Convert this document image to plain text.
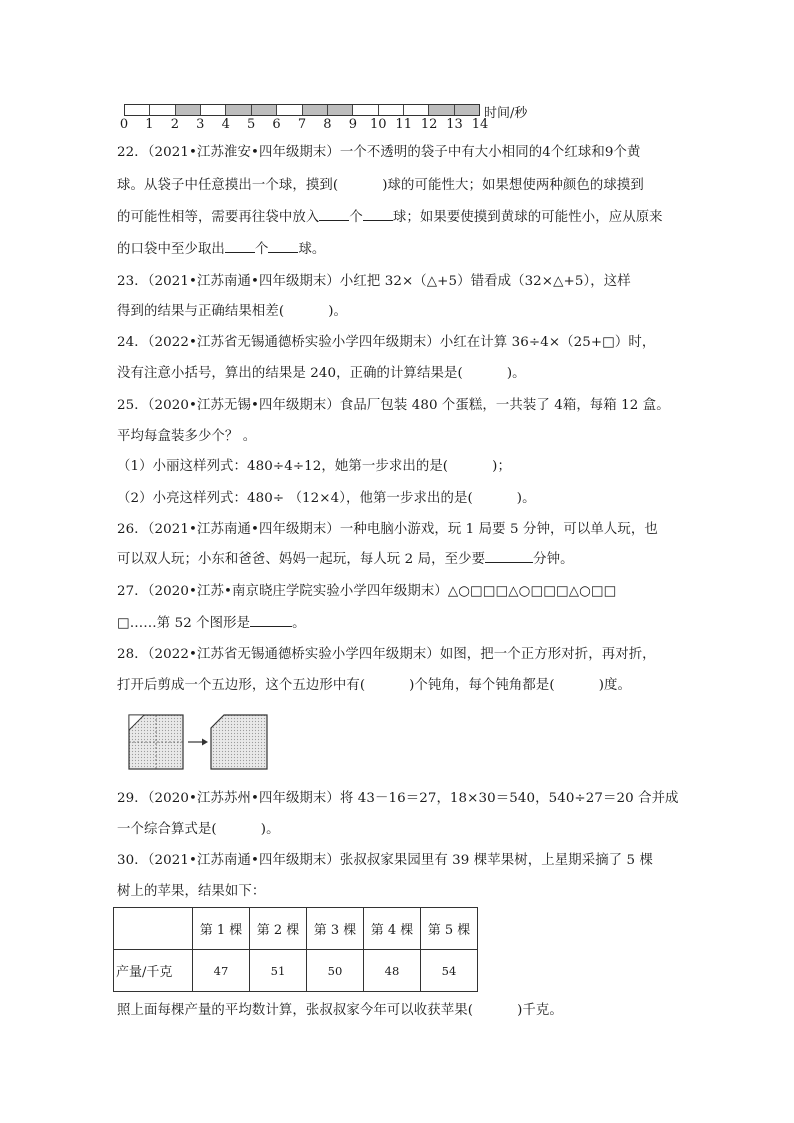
0	1	2	3	4	5	6	7	8	9	10 11 12 13 14
时间/秒
22．（2021•江苏淮安•四年级期末）一个不透明的袋子中有大小相同的4个红球和9个黄
球。从袋子中任意摸出一个球，摸到(	)球的可能性大；如果想使两种颜色的球摸到
的可能性相等，需要再往袋中放入 个 球；如果要使摸到黄球的可能性小，应从原来
的口袋中至少取出 个 球。
23．（2021•江苏南通•四年级期末）小红把 32×（△+5）错看成（32×△+5），这样
得到的结果与正确结果相差(	)。
24．（2022•江苏省无锡通德桥实验小学四年级期末）小红在计算 36÷4×（25+□）时，
没有注意小括号，算出的结果是 240，正确的计算结果是(	)。
25．（2020•江苏无锡•四年级期末）食品厂包装 480 个蛋糕，一共装了 4箱，每箱 12 盒。
平均每盒装多少个？ 。
（1）小丽这样列式：480÷4÷12，她第一步求出的是(	)；
（2）小亮这样列式：480÷ （12×4），他第一步求出的是(	)。
26．（2021•江苏南通•四年级期末）一种电脑小游戏，玩 1 局要 5 分钟，可以单人玩，也
可以双人玩；小东和爸爸、妈妈一起玩，每人玩 2 局，至少要	分钟。
27．（2020•江苏•南京晓庄学院实验小学四年级期末）△○□□□△○□□□△○□□
□……第 52 个图形是	。
28．（2022•江苏省无锡通德桥实验小学四年级期末）如图，把一个正方形对折，再对折，
打开后剪成一个五边形，这个五边形中有(	)个钝角，每个钝角都是(	)度。
29．（2020•江苏苏州•四年级期末）将 43－16＝27，18×30＝540，540÷27＝20 合并成
一个综合算式是(	)。
30．（2021•江苏南通•四年级期末）张叔叔家果园里有 39 棵苹果树，上星期采摘了 5 棵
树上的苹果，结果如下：
	第 1 棵	第 2 棵	第 3 棵	第 4 棵	第 5 棵
产量/千克	47	51	50	48	54
照上面每棵产量的平均数计算，张叔叔家今年可以收获苹果(	)千克。
